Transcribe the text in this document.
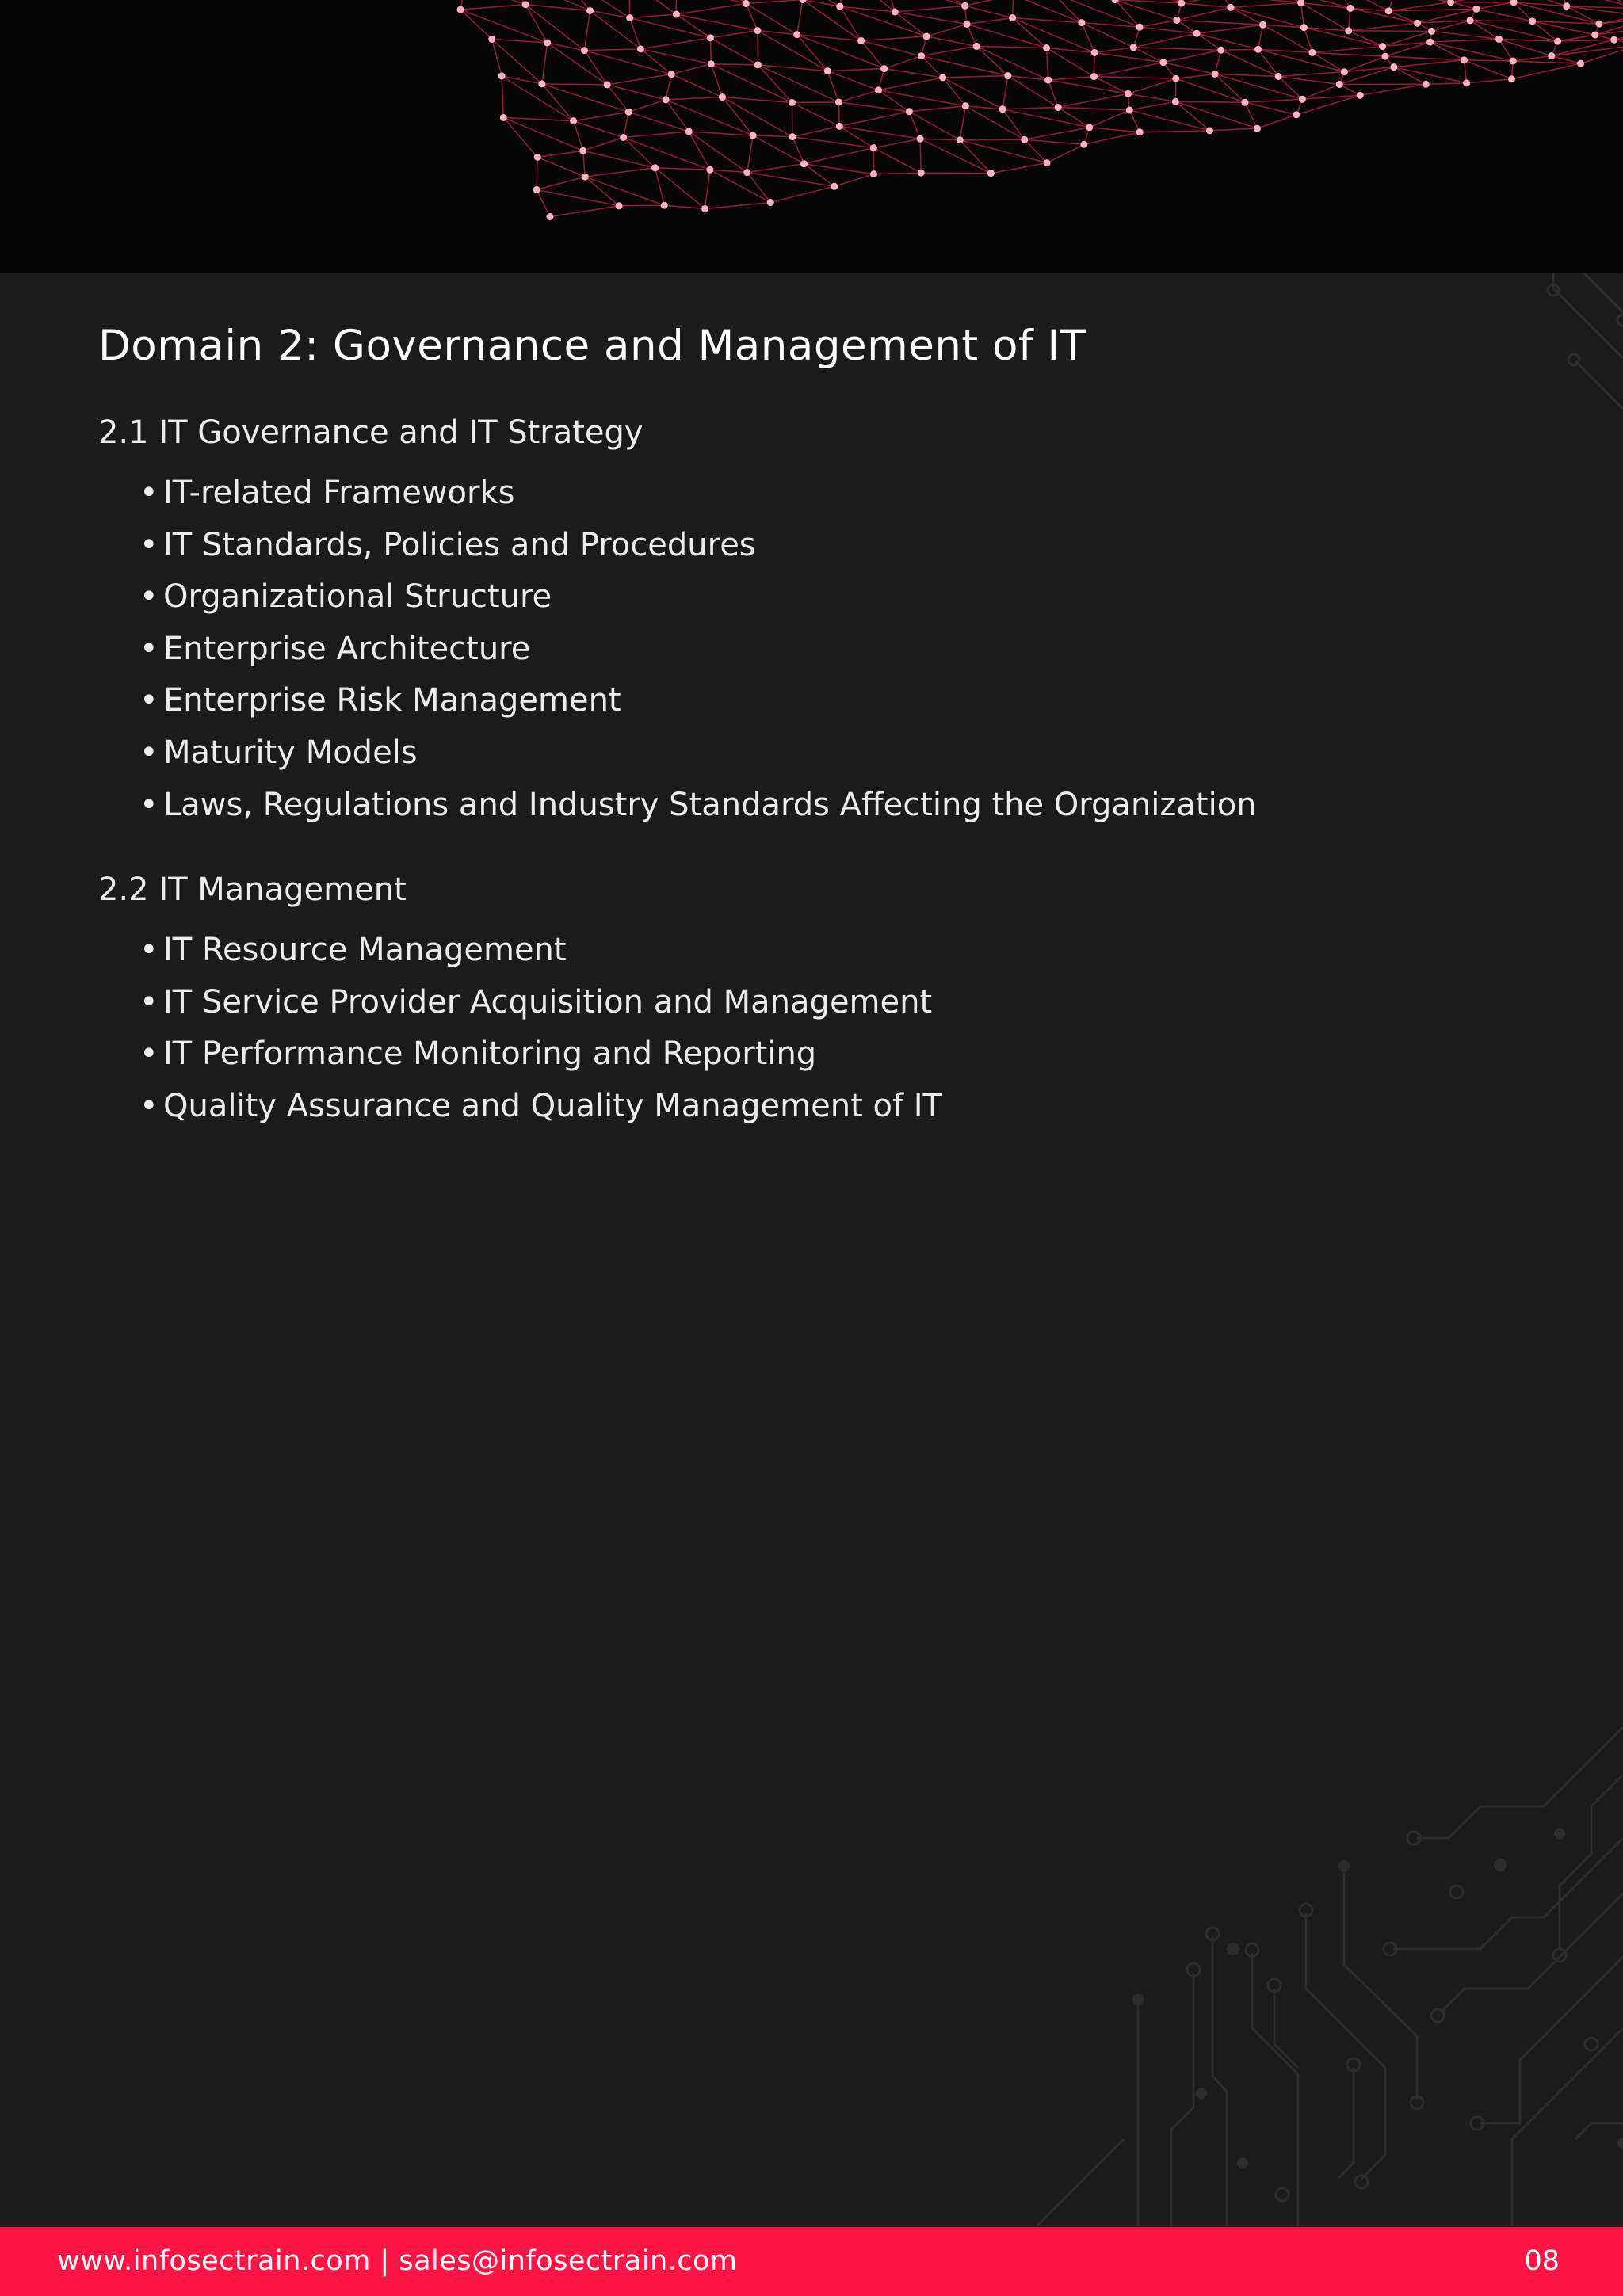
Domain 2: Governance and Management of IT
2.1 IT Governance and IT Strategy
• IT-related Frameworks
• IT Standards, Policies and Procedures
• Organizational Structure
• Enterprise Architecture
• Enterprise Risk Management
• Maturity Models
• Laws, Regulations and Industry Standards Affecting the Organization
2.2 IT Management
• IT Resource Management
• IT Service Provider Acquisition and Management
• IT Performance Monitoring and Reporting
• Quality Assurance and Quality Management of IT
www.infosectrain.com | sales@infosectrain.com	08
